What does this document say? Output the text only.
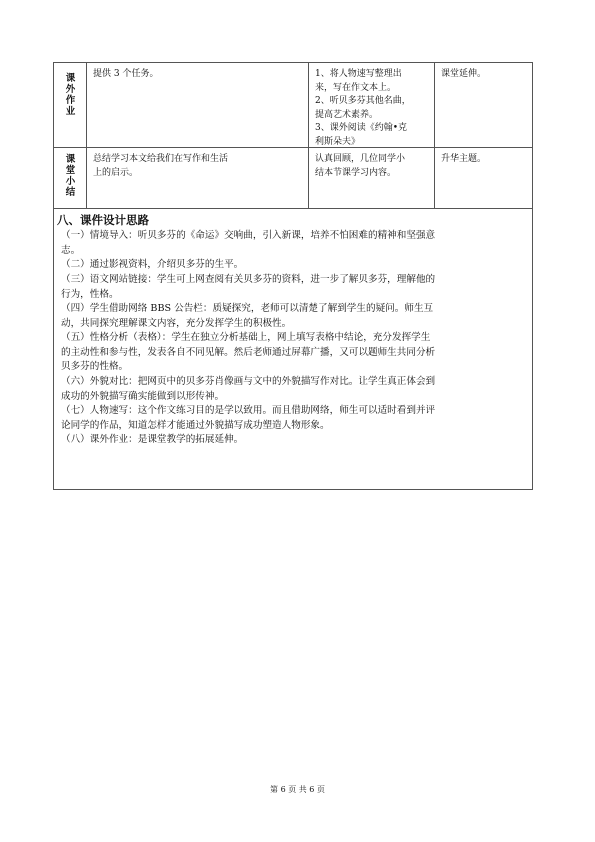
课
外
作
业
提供 3 个任务。	1、将人物速写整理出
来，写在作文本上。
2、听贝多芬其他名曲，
提高艺术素养。
3、课外阅读《约翰•克
利斯朵夫》
课堂延伸。
课
堂
小
结
总结学习本文给我们在写作和生活
上的启示。
认真回顾，几位同学小
结本节课学习内容。
升华主题。
八、课件设计思路
（一）情境导入：听贝多芬的《命运》交响曲，引入新课，培养不怕困难的精神和坚强意
志。
（二）通过影视资料，介绍贝多芬的生平。
（三）语文网站链接：学生可上网查阅有关贝多芬的资料，进一步了解贝多芬，理解他的
行为，性格。
（四）学生借助网络 BBS 公告栏：质疑探究，老师可以清楚了解到学生的疑问。师生互
动，共同探究理解课文内容，充分发挥学生的积极性。
（五）性格分析（表格）：学生在独立分析基础上，网上填写表格中结论，充分发挥学生
的主动性和参与性，发表各自不同见解。然后老师通过屏幕广播，又可以题师生共同分析
贝多芬的性格。
（六）外貌对比：把网页中的贝多芬肖像画与文中的外貌描写作对比。让学生真正体会到
成功的外貌描写确实能做到以形传神。
（七）人物速写：这个作文练习目的是学以致用。而且借助网络，师生可以适时看到并评
论同学的作品，知道怎样才能通过外貌描写成功塑造人物形象。
（八）课外作业：是课堂教学的拓展延伸。
第 6 页 共 6 页
